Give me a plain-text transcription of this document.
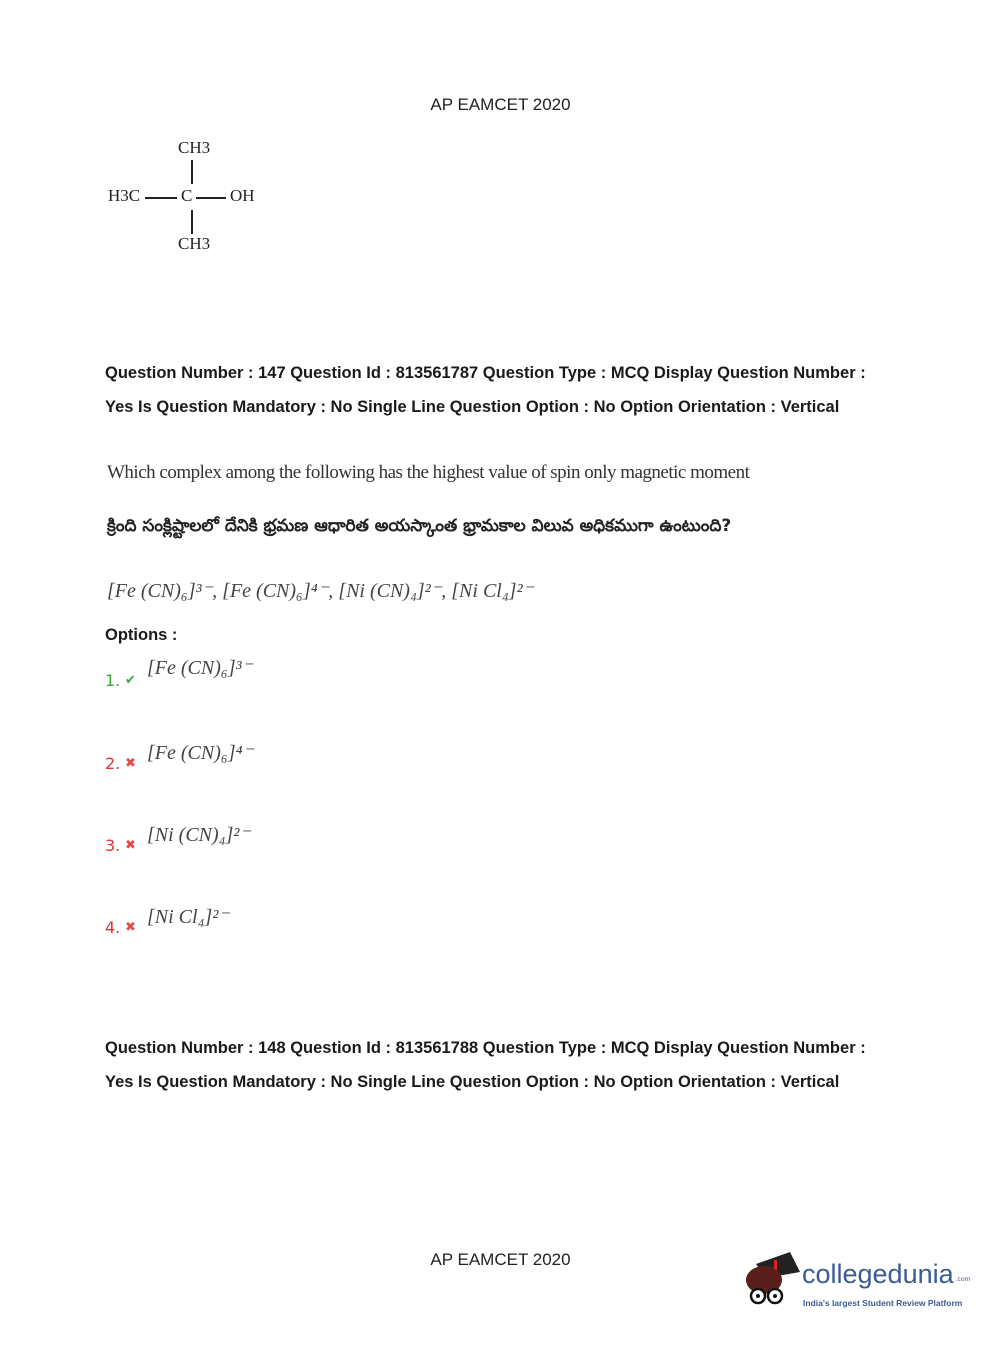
AP EAMCET 2020
CH3
H3C C OH
CH3
Question Number : 147 Question Id : 813561787 Question Type : MCQ Display Question Number : Yes Is Question Mandatory : No Single Line Question Option : No Option Orientation : Vertical
Which complex among the following has the highest value of spin only magnetic moment
క్రింది సంక్లిష్టాలలో దేనికి భ్రమణ ఆధారిత అయస్కాంత భ్రామకాల విలువ అధికముగా ఉంటుంది?
[Fe (CN)₆]³⁻, [Fe (CN)₆]⁴⁻, [Ni (CN)₄]²⁻, [Ni Cl₄]²⁻
Options :
1. ✔
[Fe (CN)₆]³⁻
2. ✖ [Fe (CN)₆]⁴⁻
3. ✖ [Ni (CN)₄]²⁻
4. ✖ [Ni Cl₄]²⁻
Question Number : 148 Question Id : 813561788 Question Type : MCQ Display Question Number : Yes Is Question Mandatory : No Single Line Question Option : No Option Orientation : Vertical
AP EAMCET 2020	collegedunia .com
India's largest Student Review Platform
